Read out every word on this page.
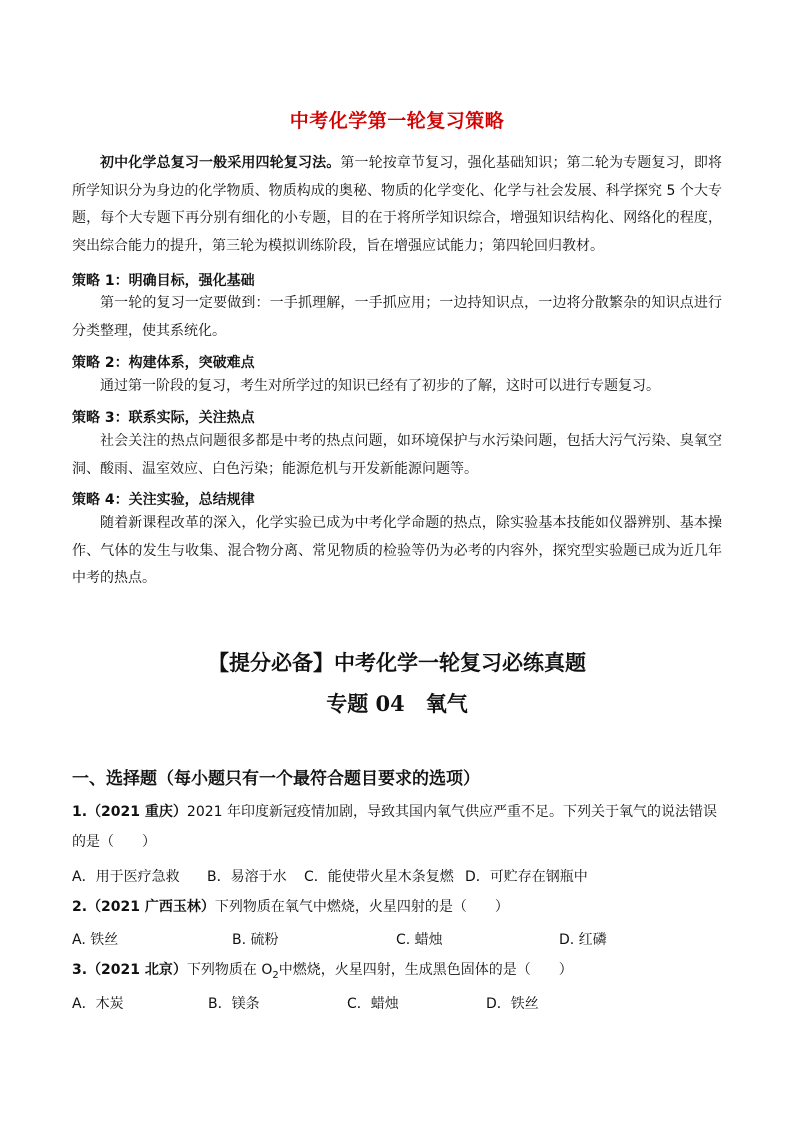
中考化学第一轮复习策略
初中化学总复习一般采用四轮复习法。第一轮按章节复习，强化基础知识；第二轮为专题复习，即将所学知识分为身边的化学物质、物质构成的奥秘、物质的化学变化、化学与社会发展、科学探究 5 个大专题，每个大专题下再分别有细化的小专题，目的在于将所学知识综合，增强知识结构化、网络化的程度，突出综合能力的提升，第三轮为模拟训练阶段，旨在增强应试能力；第四轮回归教材。
策略 1：明确目标，强化基础
第一轮的复习一定要做到：一手抓理解，一手抓应用；一边持知识点，一边将分散繁杂的知识点进行分类整理，使其系统化。
策略 2：构建体系，突破难点
通过第一阶段的复习，考生对所学过的知识已经有了初步的了解，这时可以进行专题复习。
策略 3：联系实际，关注热点
社会关注的热点问题很多都是中考的热点问题，如环境保护与水污染问题，包括大污气污染、臭氧空洞、酸雨、温室效应、白色污染；能源危机与开发新能源问题等。
策略 4：关注实验，总结规律
随着新课程改革的深入，化学实验已成为中考化学命题的热点，除实验基本技能如仪器辨别、基本操作、气体的发生与收集、混合物分离、常见物质的检验等仍为必考的内容外，探究型实验题已成为近几年中考的热点。
【提分必备】中考化学一轮复习必练真题
专题 04　氧气
一、选择题（每小题只有一个最符合题目要求的选项）
1.（2021 重庆）2021 年印度新冠疫情加剧，导致其国内氧气供应严重不足。下列关于氧气的说法错误的是（　　）
A．用于医疗急救 B．易溶于水 C．能使带火星木条复燃 D．可贮存在钢瓶中
2.（2021 广西玉林）下列物质在氧气中燃烧，火星四射的是（　　）
A. 铁丝	B. 硫粉	C. 蜡烛	D. 红磷
3.（2021 北京）下列物质在 $O_2$中燃烧，火星四射，生成黑色固体的是（　　）
A．木炭	B．镁条	C．蜡烛	D．铁丝
